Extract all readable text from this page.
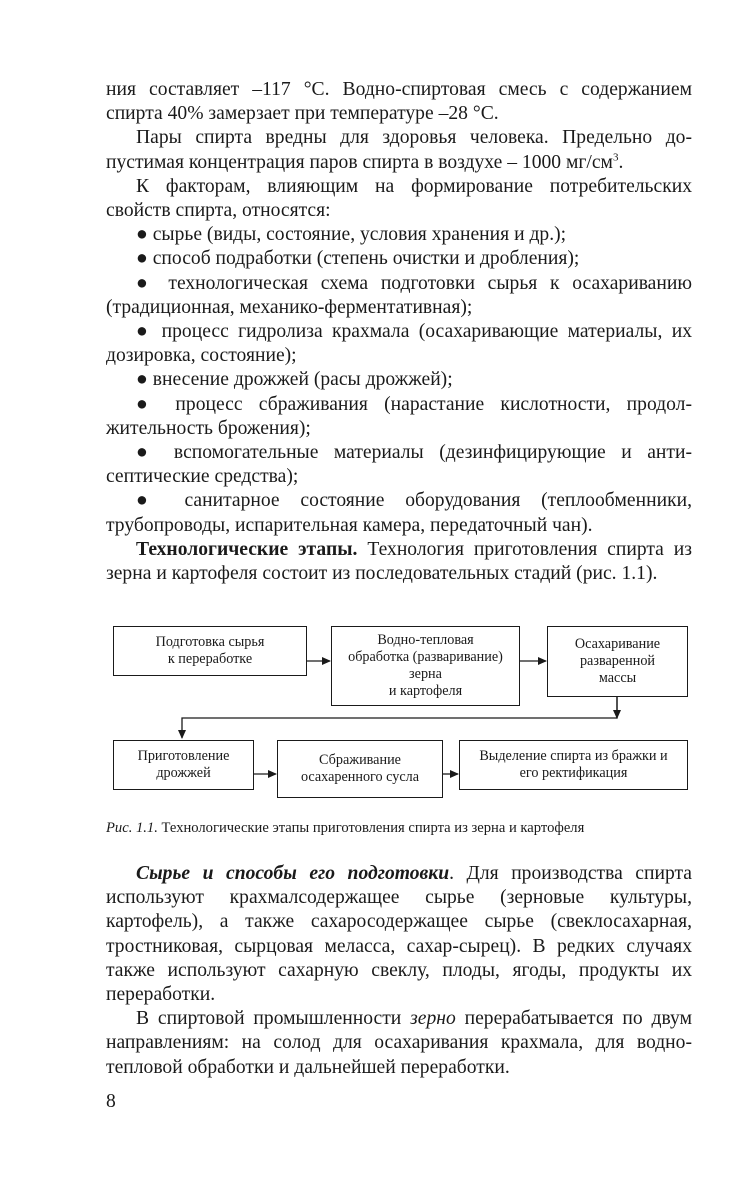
ния составляет –117 °С. Водно-спиртовая смесь с содержанием

спирта 40% замерзает при температуре –28 °С.

Пары спирта вредны для здоровья человека. Предельно допустимая концентрация паров спирта в воздухе – 1000 $мг/см^3$.

К факторам, влияющим на формирование потребительских свойств спирта, относятся:

● сырье (виды, состояние, условия хранения и др.);

● способ подработки (степень очистки и дробления);

● технологическая схема подготовки сырья к осахариванию (традиционная, механико-ферментативная);

● процесс гидролиза крахмала (осахаривающие материалы, их дозировка, состояние);

● внесение дрожжей (расы дрожжей);

● процесс сбраживания (нарастание кислотности, продолжительность брожения);

● вспомогательные материалы (дезинфицирующие и антисептические средства);

● санитарное состояние оборудования (теплообменники, трубопроводы, испарительная камера, передаточный чан).

Технологические этапы. Технология приготовления спирта из зерна и картофеля состоит из последовательных стадий (рис. 1.1).

Подготовка сырья
к переработке
Водно-тепловая
обработка (разваривание)
зерна
и картофеля
Осахаривание
разваренной
массы
Приготовление
дрожжей
Сбраживание
осахаренного сусла
Выделение спирта из бражки и
его ректификация
Рис. 1.1. Технологические этапы приготовления спирта из зерна и картофеля

Сырье и способы его подготовки. Для производства спирта используют крахмалсодержащее сырье (зерновые культуры, картофель), а также сахаросодержащее сырье (свеклосахарная, тростниковая, сырцовая меласса, сахар-сырец). В редких случаях также используют сахарную свеклу, плоды, ягоды, продукты их переработки.

В спиртовой промышленности зерно перерабатывается по двум направлениям: на солод для осахаривания крахмала, для водно-тепловой обработки и дальнейшей переработки.

8
